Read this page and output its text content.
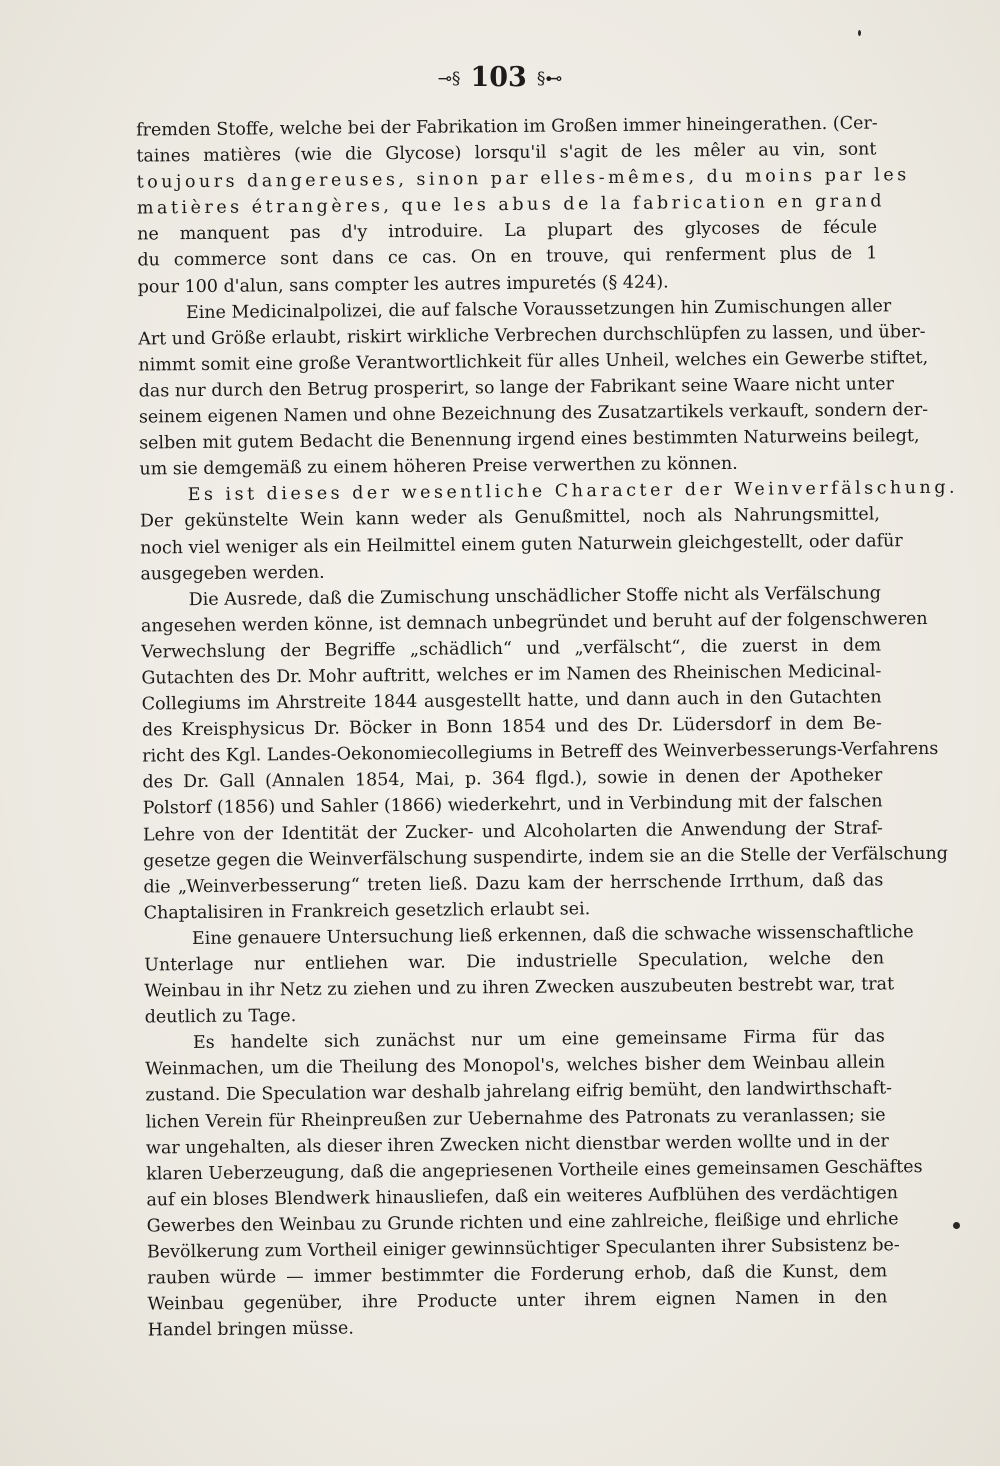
⊸§ 103 §⊷
fremden Stoffe, welche bei der Fabrikation im Großen immer hineingerathen. (Cer-
taines matières (wie die Glycose) lorsqu'il s'agit de les mêler au vin, sont
toujours dangereuses, sinon par elles-mêmes, du moins par les
matières étrangères, que les abus de la fabrication en grand
ne manquent pas d'y introduire. La plupart des glycoses de fécule
du commerce sont dans ce cas. On en trouve, qui renferment plus de 1
pour 100 d'alun, sans compter les autres impuretés (§ 424).
Eine Medicinalpolizei, die auf falsche Voraussetzungen hin Zumischungen aller
Art und Größe erlaubt, riskirt wirkliche Verbrechen durchschlüpfen zu lassen, und über-
nimmt somit eine große Verantwortlichkeit für alles Unheil, welches ein Gewerbe stiftet,
das nur durch den Betrug prosperirt, so lange der Fabrikant seine Waare nicht unter
seinem eigenen Namen und ohne Bezeichnung des Zusatzartikels verkauft, sondern der-
selben mit gutem Bedacht die Benennung irgend eines bestimmten Naturweins beilegt,
um sie demgemäß zu einem höheren Preise verwerthen zu können.
Es ist dieses der wesentliche Character der Weinverfälschung.
Der gekünstelte Wein kann weder als Genußmittel, noch als Nahrungsmittel,
noch viel weniger als ein Heilmittel einem guten Naturwein gleichgestellt, oder dafür
ausgegeben werden.
Die Ausrede, daß die Zumischung unschädlicher Stoffe nicht als Verfälschung
angesehen werden könne, ist demnach unbegründet und beruht auf der folgenschweren
Verwechslung der Begriffe „schädlich“ und „verfälscht“, die zuerst in dem
Gutachten des Dr. Mohr auftritt, welches er im Namen des Rheinischen Medicinal-
Collegiums im Ahrstreite 1844 ausgestellt hatte, und dann auch in den Gutachten
des Kreisphysicus Dr. Böcker in Bonn 1854 und des Dr. Lüdersdorf in dem Be-
richt des Kgl. Landes-Oekonomiecollegiums in Betreff des Weinverbesserungs-Verfahrens
des Dr. Gall (Annalen 1854, Mai, p. 364 flgd.), sowie in denen der Apotheker
Polstorf (1856) und Sahler (1866) wiederkehrt, und in Verbindung mit der falschen
Lehre von der Identität der Zucker- und Alcoholarten die Anwendung der Straf-
gesetze gegen die Weinverfälschung suspendirte, indem sie an die Stelle der Verfälschung
die „Weinverbesserung“ treten ließ. Dazu kam der herrschende Irrthum, daß das
Chaptalisiren in Frankreich gesetzlich erlaubt sei.
Eine genauere Untersuchung ließ erkennen, daß die schwache wissenschaftliche
Unterlage nur entliehen war. Die industrielle Speculation, welche den
Weinbau in ihr Netz zu ziehen und zu ihren Zwecken auszubeuten bestrebt war, trat
deutlich zu Tage.
Es handelte sich zunächst nur um eine gemeinsame Firma für das
Weinmachen, um die Theilung des Monopol's, welches bisher dem Weinbau allein
zustand. Die Speculation war deshalb jahrelang eifrig bemüht, den landwirthschaft-
lichen Verein für Rheinpreußen zur Uebernahme des Patronats zu veranlassen; sie
war ungehalten, als dieser ihren Zwecken nicht dienstbar werden wollte und in der
klaren Ueberzeugung, daß die angepriesenen Vortheile eines gemeinsamen Geschäftes
auf ein bloses Blendwerk hinausliefen, daß ein weiteres Aufblühen des verdächtigen
Gewerbes den Weinbau zu Grunde richten und eine zahlreiche, fleißige und ehrliche
Bevölkerung zum Vortheil einiger gewinnsüchtiger Speculanten ihrer Subsistenz be-
rauben würde — immer bestimmter die Forderung erhob, daß die Kunst, dem
Weinbau gegenüber, ihre Producte unter ihrem eignen Namen in den
Handel bringen müsse.
